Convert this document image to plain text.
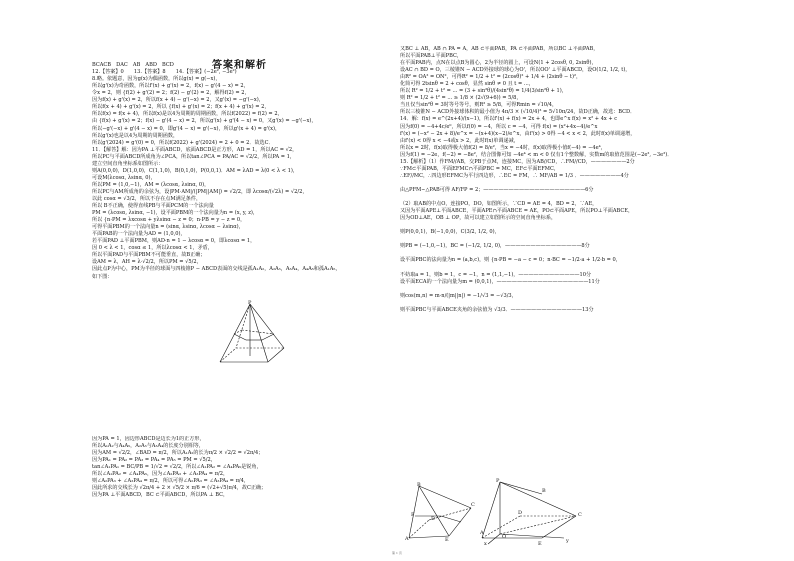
答案和解析
BCACB　DAC　AB　ABD　BCD
12.【答案】0　　13.【答案】8　　14.【答案】(−2e², −3e²)
8.略。依题意，因为g(x)为偶函数，所以g(x) = g(−x)，
所以g'(x)为奇函数，所以f'(x) + g'(x) = 2，f(x) − g'(4 − x) = 2，
令x = 2，则 {f(2) + g'(2) = 2；f(2) − g'(2) = 2，解得f(2) = 2，
因为f(x) + g'(x) = 2，所以f(x + 4) − g'(−x) = 2，又g'(x) = −g'(−x)，
所以f(x + 4) + g'(x) = 2，所以 {f(x) + g'(x) = 2；f(x + 4) + g'(x) = 2，
所以f(x) = f(x + 4)，所以f(x)是以4为周期的周期函数，所以f(2022) = f(2) = 2，
由 {f(x) + g'(x) = 2；f(x) − g'(4 − x) = 2，所以g'(x) + g'(4 − x) = 0，又g'(x) = −g'(−x)，
所以−g'(−x) + g'(4 − x) = 0，即g'(4 − x) = g'(−x)，所以g'(x + 4) = g'(x)，
所以g'(x)也是以4为周期的周期函数，
所以g'(2024) = g'(0) = 0，所以f(2022) + g'(2024) = 2 + 0 = 2．故选C．
11．【解答】解：因为PA ⊥平面ABCD，底面ABCD是正方形，AD = 1，所以AC = √2，
所以PC与平面ABCD所成角为∠PCA，所以tan∠PCA = PA/AC = √2/2，所以PA = 1，
建立空间直角坐标系如图所示：
则A(0,0,0)，D(1,0,0)，C(1,1,0)，B(0,1,0)，P(0,0,1)．AM = λAD = λ(0 < λ < 1)，
可设M(λcosα, λsinα, 0)，
所以PM = (1,0,−1)，AM = (λcosα, λsinα, 0)，
所以PC与AM所成角的余弦为，设|PM·AM|/(|PM||AM|) = √2/2，即 λcosα/(√2λ) = √2/2，
以此 cosα = √3/2，所以不存在点M满足条件，
所以 B不正确，使得直线PB与平面PCM的一个法向量
PM = (λcosα, λsinα, −1)，设平面PBM的一个法向量为n = (x, y, z)，
所以 {n·PM = λxcosα + yλsinα − z = 0；n·PB = y − z = 0，
可得平面PBM的一个法向量n = (sinα, λsinα, λcosα − λsinα)，
平面PAB的一个法向量为AD = (1,0,0)，
若平面PAD ⊥平面PBM，则AD·n = 1 − λcosα = 0，即λcosα = 1，
因 0 < λ < 1，cosα ≤ 1，所以λcosα < 1，矛盾，
所以平面PAD与平面PBM不可能垂直，故B正确；
设AM = λ，AH = λ·√2/2，所以PM = √5/2，
因此点P为中心，PM为半径的球面与四棱锥P − ABCD表面的交线是孤A₁A₂，A₂A₃，A₃A₄，A₄A₅和孤A₁A₅，
如下图：
P
因为PA = 1，因边形ABCD是边长为1的正方形，
所以A₁A₂与A₄A₅，A₂A₃与A₃A₄的长度分别相等，
因为AM = √2/2，∠BAD = π/2，所以A₁A₂的长为π/2 × √2/2 = √2π/4；
因为PA₁ = PA₂ = PA₃ = PA₄ = PA₅ = PM = √5/2，
tan∠A₁PA₁ = BC/PB = 1/√2 = √2/2，所以∠A₁PA₂ = ∠A₄PA₅是锐角，
所以∠A₁PA₂ = ∠A₄PA₅，因为∠A₂PA₃ + ∠A₃PA₄ = π/2，
则∠A₂PA₃ + ∠A₃PA₄ = π/2，所以可得∠A₂PA₃ = ∠A₃PA₄ = π/4，
因此所求的交线长为 √2π/4 + 2 × √5/2 × π/6 = (√2+√5)π/4，故C正确；
因为PA ⊥平面ABCD，BC ⊂平面ABCD，所以PA ⊥ BC，
又BC ⊥ AB，AB ∩ PA = A，AB ⊂平面PAB，PA ⊂平面PAB，所以BC ⊥平面PAB，
所以平面PAB⊥平面PBC，
在平面PAB内，点N在以点B为圆心，2为半径的圆上，可设N(1 + 2cosθ, 0, 2sinθ)，
设AC ∩ BD = O，三棱锥N − ACD外接球的球心为O'，所以OO' ⊥平面ABCD，设O(1/2, 1/2, t)，
由R² = OA² = ON²，可得R² = 1/2 + t² = (2cosθ)² + 1/4 + (2sinθ − t)²，
化简可得 2tsinθ = 2 + cosθ，显然 sinθ ≠ 0 且 t = ...，
所以 R² = 1/2 + t² = ... = (3 + sin²θ)/(4sin²θ) = 1/4(3/sin²θ + 1)，
则 R² = 1/2 + t² = ... ≥ 1/8 × (2√(9+6)) = 5/8，
当且仅当sin²θ = 3时等号等号，则R² ≥ 5/8，可得Rmin = √10/4，
所以三棱锥N − ACD外接球体积的最小值为 4π/3 × (√10/4)³ = 5√10π/24，故D正确，故选：BCD．
14．解：f(x) = e^(2x+4)/(x−1)，所以f'(x) + f(x) = 2x + 4，也即e^x f(x) = x² + 4x + c
因为f(0) = −4+4c/e⁰，所以f(0) = −4，所以 c = −4，可得 f(x) = (x²+4x−4)/e^x
f'(x) = (−x² − 2x + 8)/e^x = −(x+4)(x−2)/e^x，由f'(x) > 0得 −4 < x < 2，此时f(x)单调递增，
由f'(x) < 0得 x < −4或x > 2，此时f(x)单调递减，
所以x = 2时，f(x)取得极大值f(2) = 8/e²，当x = −4时，f(x)取得极小值f(−4) = −4e⁴，
因为f(1) = −2e，f(−2) = −8e²，结合图像可知 −4e⁴ < m < 0 仅有1个整数解，实数m的取值范围是(−2e², −3e²)．
15.【解析】（1）作FM//AB，交PB于点M，连接MC，因为AB//CD，∴FM//CD，———————2分
∵FM⊂平面PAB，平面EFMC∩平面PBC = MC，EF⊂平面EFMC，
∴EF//MC，∴四边形EFMC为平行四边形，∴EC = FM，∴ MF/AB = 1/3 ．————————4分
由△PFM∽△PAB可得 AF/FP = 2；————————————————————6分
（2）取AB的中点O，连接PO，DO，如图所示，∵CD = AE = 4，BD = 2，∵AE，
又因为平面APE⊥平面ABCE，平面APE∩平面ABCE = AE，PO⊂平面APE，所以PO⊥平面ABCE，
因为OD⊥AE，OB ⊥ OP，故可以建立如图所示的空间直角坐标系，
则P(0,0,1)，B(−1,0,0)，C(3/2, 1/2, 0)，
则PB = (−1,0,−1)，BC = (−1/2, 1/2, 0)，———————————————8分
设平面PBC的法向量为n = (a,b,c)，则 {n·PB = −a − c = 0；n·BC = −1/2·a + 1/2·b = 0，
不妨取a = 1，则b = 1，c = −1，n = (1,1,−1)，————————————10分
设平面ECA的一个法向量为m = (0,0,1)，——————————————————11分
则cos⟨m,n⟩ = m·n/(|m||n|) = −1/√3 = −√3/3，
则平面PBC与平面ABCE夹角的余弦值为 √3/3．——————————————13分
B
A	E
C
D
F
P
B
A
E
O
C
D
x	y
第 1 页
